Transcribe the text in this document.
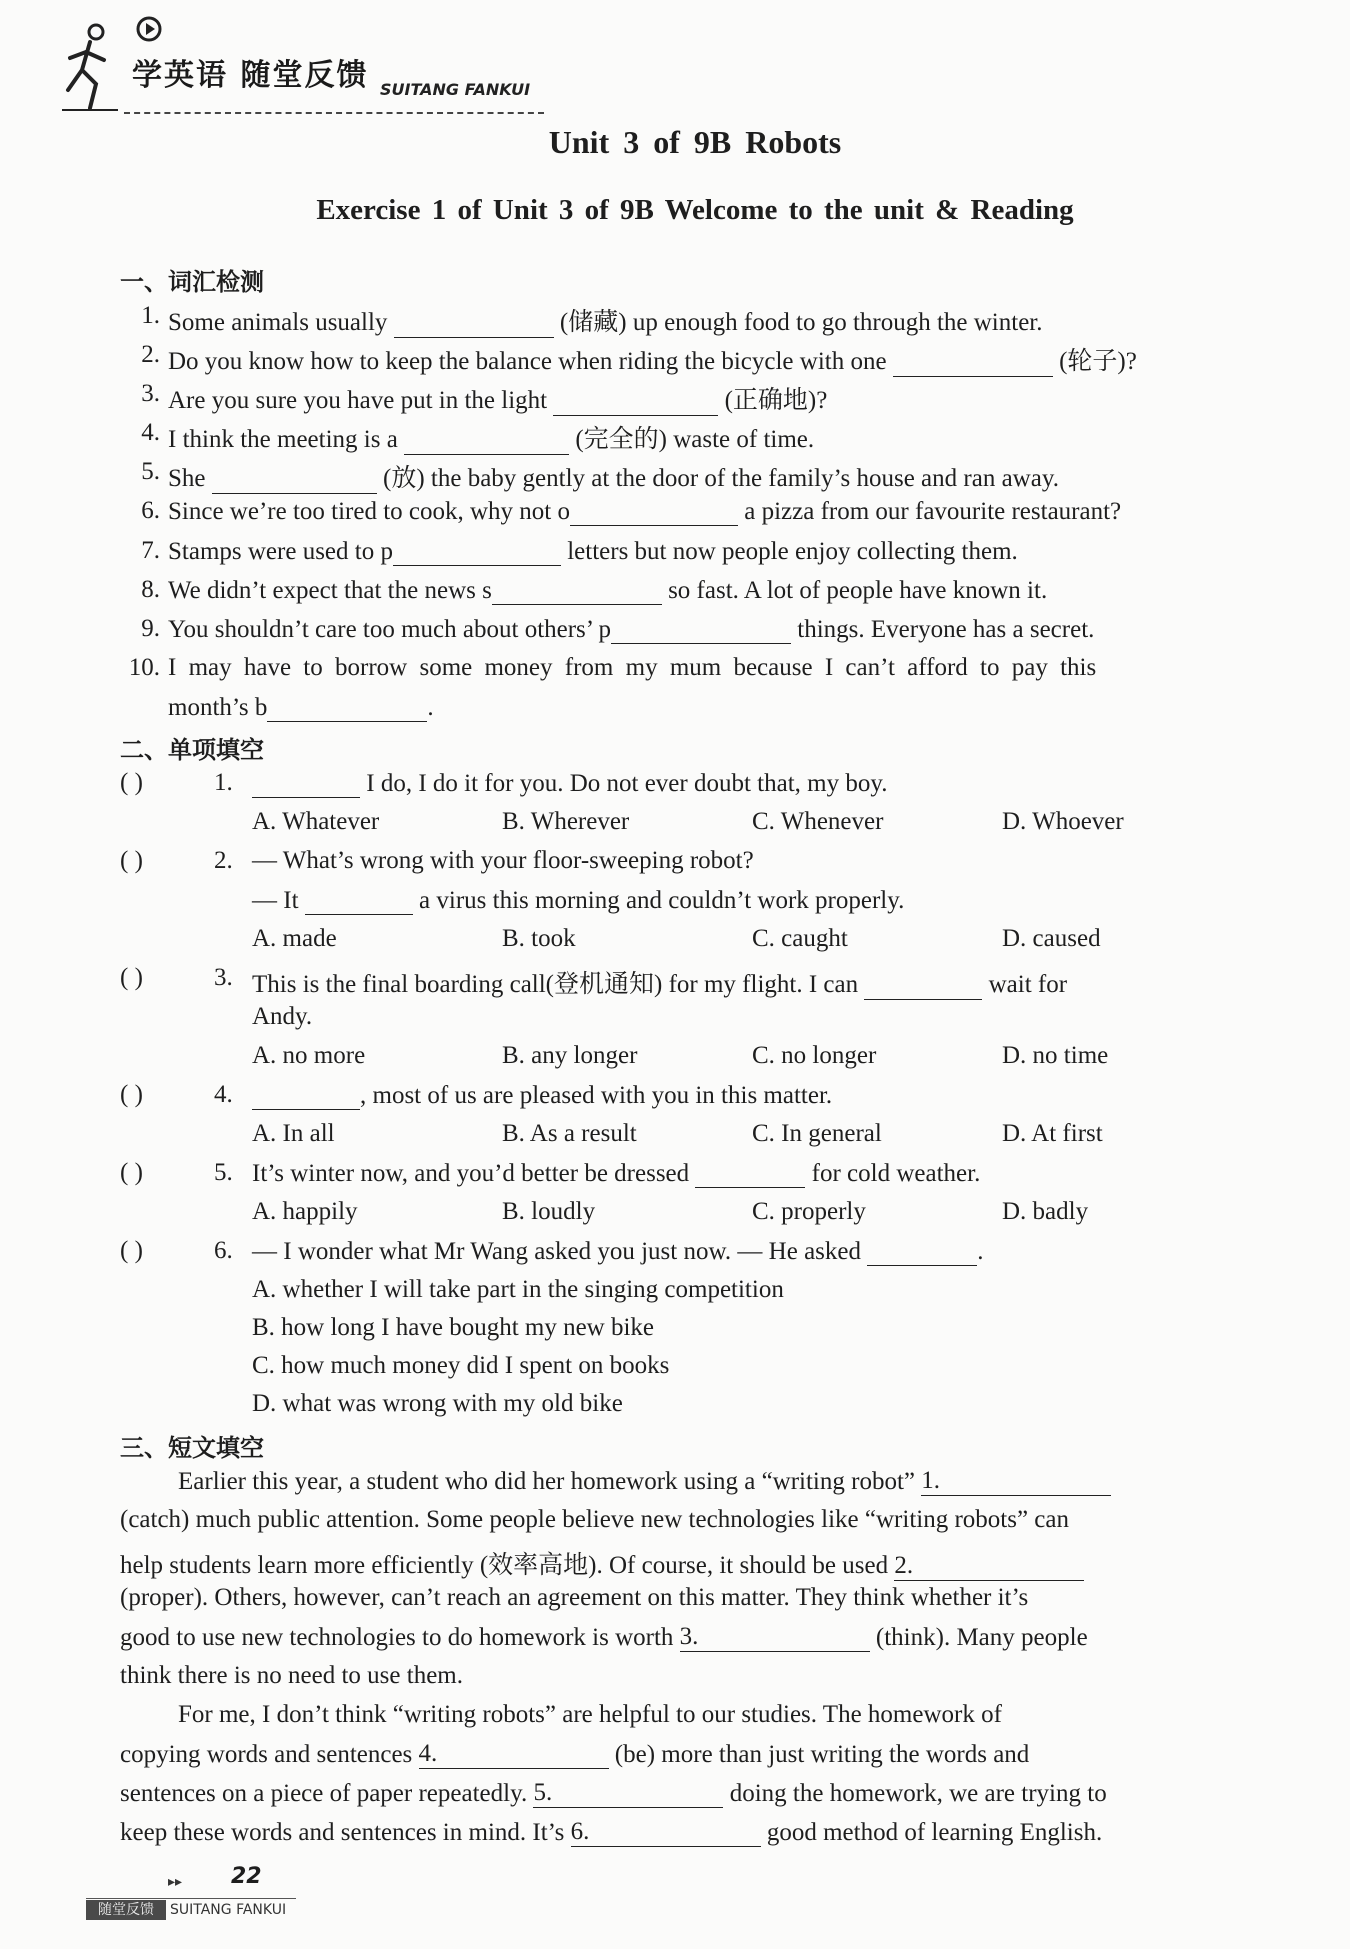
学英语 随堂反馈 SUITANG FANKUI
Unit 3 of 9B Robots
Exercise 1 of Unit 3 of 9B Welcome to the unit & Reading
一、词汇检测
1. Some animals usually	(储藏) up enough food to go through the winter.
2. Do you know how to keep the balance when riding the bicycle with one	(轮子)?
3. Are you sure you have put in the light	(正确地)?
4. I think the meeting is a	(完全的) waste of time.
5. She	(放) the baby gently at the door of the family’s house and ran away.
6. Since we’re too tired to cook, why not o	a pizza from our favourite restaurant?
7. Stamps were used to p	letters but now people enjoy collecting them.
8. We didn’t expect that the news s	so fast. A lot of people have known it.
9. You shouldn’t care too much about others’ p	things. Everyone has a secret.
10. I may have to borrow some money from my mum because I can’t afford to pay this
month’s b	.
二、单项填空
( )	1.	I do, I do it for you. Do not ever doubt that, my boy.
A. Whatever	B. Wherever	C. Whenever	D. Whoever
( )	2. — What’s wrong with your floor-sweeping robot?
— It	a virus this morning and couldn’t work properly.
A. made	B. took	C. caught	D. caused
( )	3. This is the final boarding call(登机通知) for my flight. I can	wait for
Andy.
A. no more	B. any longer	C. no longer	D. no time
( )	4.	, most of us are pleased with you in this matter.
A. In all	B. As a result	C. In general	D. At first
( )	5. It’s winter now, and you’d better be dressed	for cold weather.
A. happily	B. loudly	C. properly	D. badly
( )	6. — I wonder what Mr Wang asked you just now. — He asked	.
A. whether I will take part in the singing competition
B. how long I have bought my new bike
C. how much money did I spent on books
D. what was wrong with my old bike
三、短文填空
Earlier this year, a student who did her homework using a “writing robot” 1.
(catch) much public attention. Some people believe new technologies like “writing robots” can
help students learn more efficiently (效率高地). Of course, it should be used 2.
(proper). Others, however, can’t reach an agreement on this matter. They think whether it’s
good to use new technologies to do homework is worth 3.	(think). Many people
think there is no need to use them.
For me, I don’t think “writing robots” are helpful to our studies. The homework of
copying words and sentences 4.	(be) more than just writing the words and
sentences on a piece of paper repeatedly. 5.	doing the homework, we are trying to
keep these words and sentences in mind. It’s 6.	good method of learning English.
▸▸ 22
随堂反馈	SUITANG FANKUI
